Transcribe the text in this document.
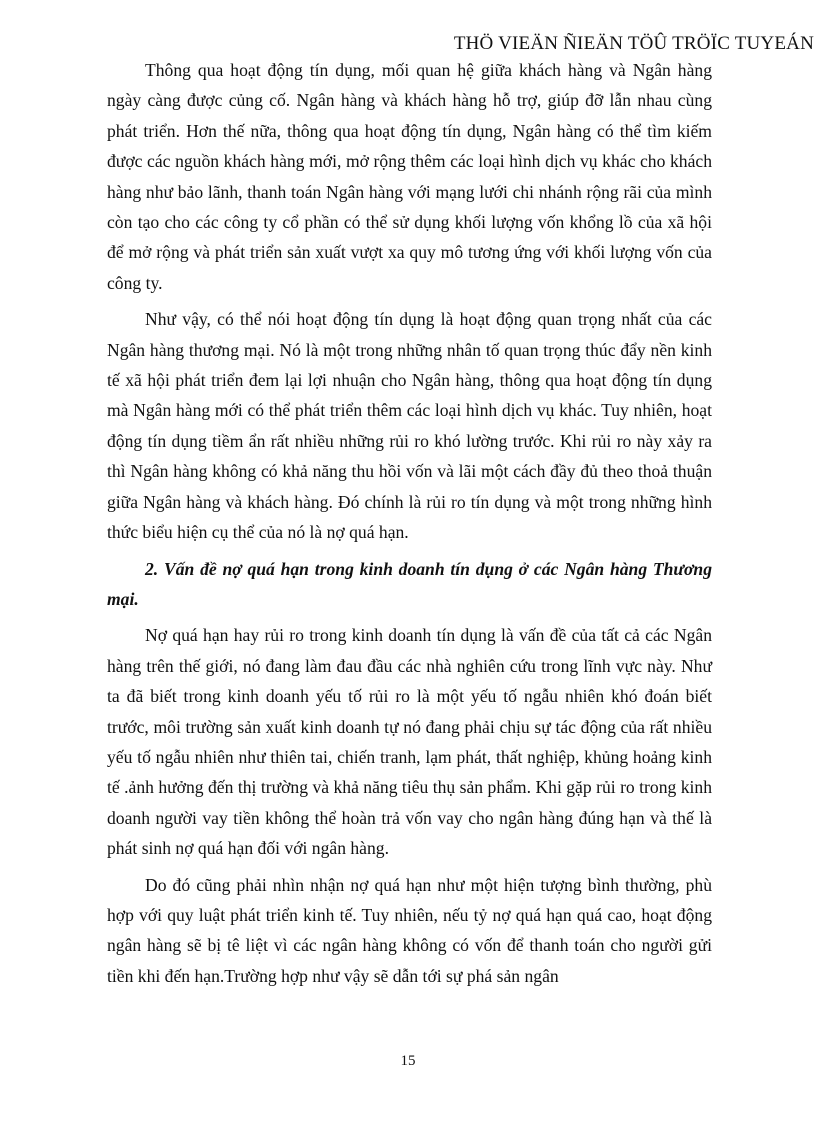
THÖ VIEÄN ÑIEÄN TÖÛ TRÖÏC TUYEÁN

Thông qua hoạt động tín dụng, mối quan hệ giữa khách hàng và Ngân hàng ngày càng được củng cố. Ngân hàng và khách hàng hỗ trợ, giúp đỡ lẫn nhau cùng phát triển. Hơn thế nữa, thông qua hoạt động tín dụng, Ngân hàng có thể tìm kiếm được các nguồn khách hàng mới, mở rộng thêm các loại hình dịch vụ khác cho khách hàng như bảo lãnh, thanh toán Ngân hàng với mạng lưới chi nhánh rộng rãi của mình còn tạo cho các công ty cổ phần có thể sử dụng khối lượng vốn khổng lồ của xã hội để mở rộng và phát triển sản xuất vượt xa quy mô tương ứng với khối lượng vốn của công ty.

Như vậy, có thể nói hoạt động tín dụng là hoạt động quan trọng nhất của các Ngân hàng thương mại. Nó là một trong những nhân tố quan trọng thúc đẩy nền kinh tế xã hội phát triển đem lại lợi nhuận cho Ngân hàng, thông qua hoạt động tín dụng mà Ngân hàng mới có thể phát triển thêm các loại hình dịch vụ khác. Tuy nhiên, hoạt động tín dụng tiềm ẩn rất nhiều những rủi ro khó lường trước. Khi rủi ro này xảy ra thì Ngân hàng không có khả năng thu hồi vốn và lãi một cách đầy đủ theo thoả thuận giữa Ngân hàng và khách hàng. Đó chính là rủi ro tín dụng và một trong những hình thức biểu hiện cụ thể của nó là nợ quá hạn.

2. Vấn đề nợ quá hạn trong kinh doanh tín dụng ở các Ngân hàng Thương mại.

Nợ quá hạn hay rủi ro trong kinh doanh tín dụng là vấn đề của tất cả các Ngân hàng trên thế giới, nó đang làm đau đầu các nhà nghiên cứu trong lĩnh vực này. Như ta đã biết trong kinh doanh yếu tố rủi ro là một yếu tố ngẫu nhiên khó đoán biết trước, môi trường sản xuất kinh doanh tự nó đang phải chịu sự tác động của rất nhiều yếu tố ngẫu nhiên như thiên tai, chiến tranh, lạm phát, thất nghiệp, khủng hoảng kinh tế .ảnh hưởng đến thị trường và khả năng tiêu thụ sản phẩm. Khi gặp rủi ro trong kinh doanh người vay tiền không thể hoàn trả vốn vay cho ngân hàng đúng hạn và thế là phát sinh nợ quá hạn đối với ngân hàng.

Do đó cũng phải nhìn nhận nợ quá hạn như một hiện tượng bình thường, phù hợp với quy luật phát triển kinh tế. Tuy nhiên, nếu tỷ nợ quá hạn quá cao, hoạt động ngân hàng sẽ bị tê liệt vì các ngân hàng không có vốn để thanh toán cho người gửi tiền khi đến hạn.Trường hợp như vậy sẽ dẫn tới sự phá sản ngân

15
